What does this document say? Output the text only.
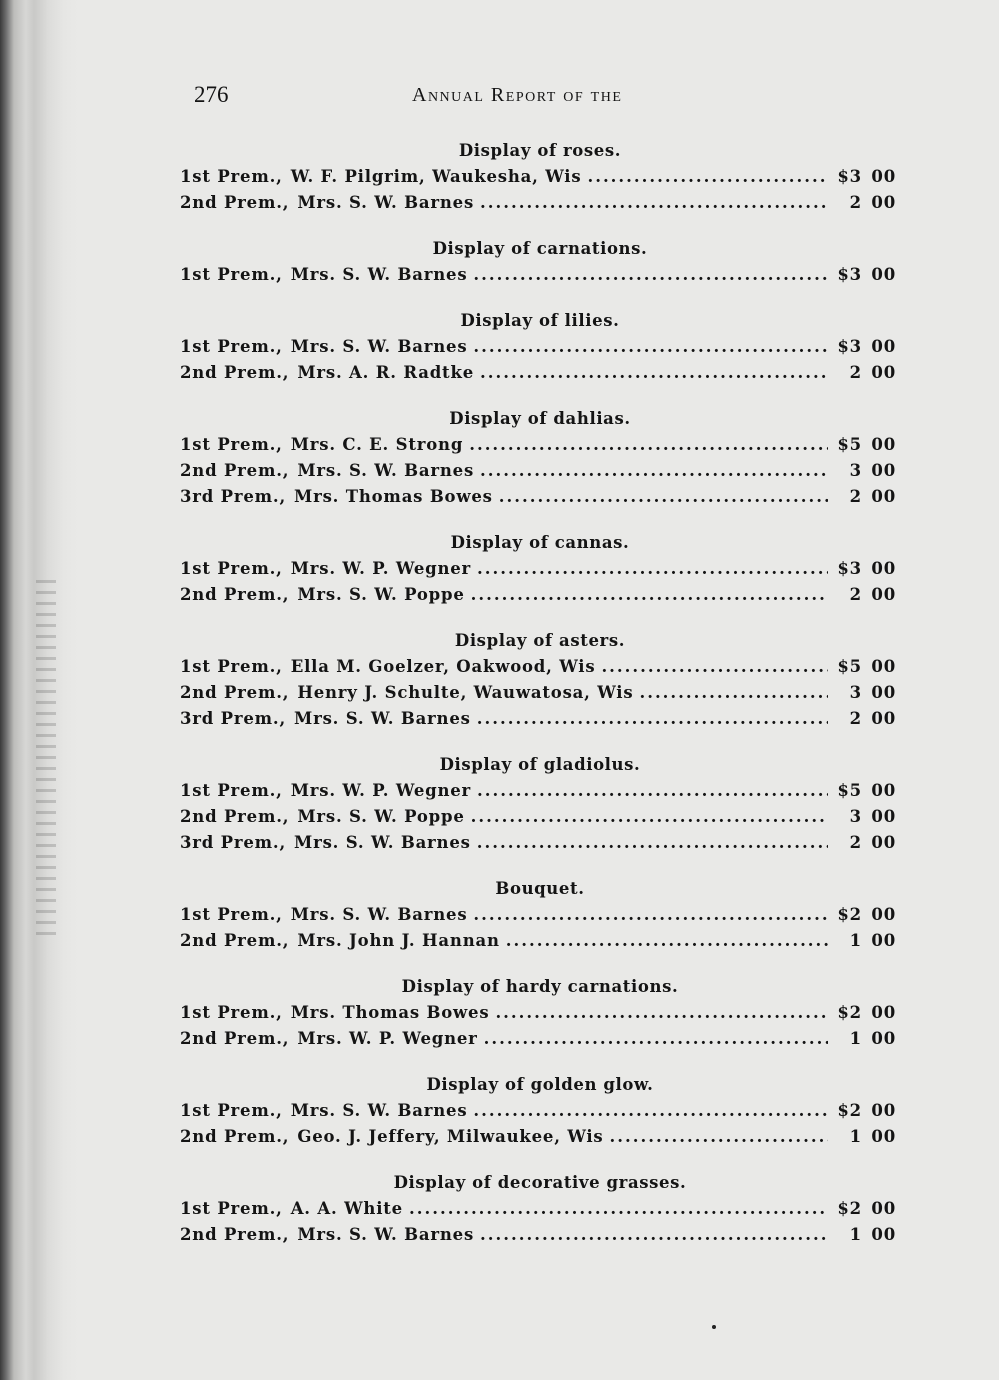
276	Annual Report of the
Display of roses.
1st Prem., W. F. Pilgrim, Waukesha, Wis .....	$3 00
2nd Prem., Mrs. S. W. Barnes .....	2 00
Display of carnations.
1st Prem., Mrs. S. W. Barnes .....	$3 00
Display of lilies.
1st Prem., Mrs. S. W. Barnes .....	$3 00
2nd Prem., Mrs. A. R. Radtke .....	2 00
Display of dahlias.
1st Prem., Mrs. C. E. Strong .....	$5 00
2nd Prem., Mrs. S. W. Barnes .....	3 00
3rd Prem., Mrs. Thomas Bowes .....	2 00
Display of cannas.
1st Prem., Mrs. W. P. Wegner .....	$3 00
2nd Prem., Mrs. S. W. Poppe .....	2 00
Display of asters.
1st Prem., Ella M. Goelzer, Oakwood, Wis .....	$5 00
2nd Prem., Henry J. Schulte, Wauwatosa, Wis .....	3 00
3rd Prem., Mrs. S. W. Barnes .....	2 00
Display of gladiolus.
1st Prem., Mrs. W. P. Wegner .....	$5 00
2nd Prem., Mrs. S. W. Poppe .....	3 00
3rd Prem., Mrs. S. W. Barnes .....	2 00
Bouquet.
1st Prem., Mrs. S. W. Barnes .....	$2 00
2nd Prem., Mrs. John J. Hannan .....	1 00
Display of hardy carnations.
1st Prem., Mrs. Thomas Bowes .....	$2 00
2nd Prem., Mrs. W. P. Wegner .....	1 00
Display of golden glow.
1st Prem., Mrs. S. W. Barnes .....	$2 00
2nd Prem., Geo. J. Jeffery, Milwaukee, Wis .....	1 00
Display of decorative grasses.
1st Prem., A. A. White .....	$2 00
2nd Prem., Mrs. S. W. Barnes .....	1 00
